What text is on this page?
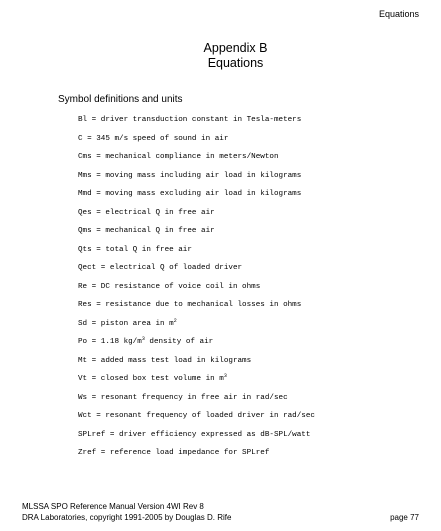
Equations
Appendix B
Equations
Symbol definitions and units
Bl = driver transduction constant in Tesla-meters
C = 345 m/s speed of sound in air
Cms = mechanical compliance in meters/Newton
Mms = moving mass including air load in kilograms
Mmd = moving mass excluding air load in kilograms
Qes = electrical Q in free air
Qms = mechanical Q in free air
Qts = total Q in free air
Qect = electrical Q of loaded driver
Re = DC resistance of voice coil in ohms
Res = resistance due to mechanical losses in ohms
Sd = piston area in $m^2$
Po = 1.18 $kg/m^3$ density of air
Mt = added mass test load in kilograms
Vt = closed box test volume in $m^3$
Ws = resonant frequency in free air in rad/sec
Wct = resonant frequency of loaded driver in rad/sec
SPLref = driver efficiency expressed as dB-SPL/watt
Zref = reference load impedance for SPLref
MLSSA SPO Reference Manual Version 4WI Rev 8
DRA Laboratories, copyright 1991-2005 by Douglas D. Rife	page 77
